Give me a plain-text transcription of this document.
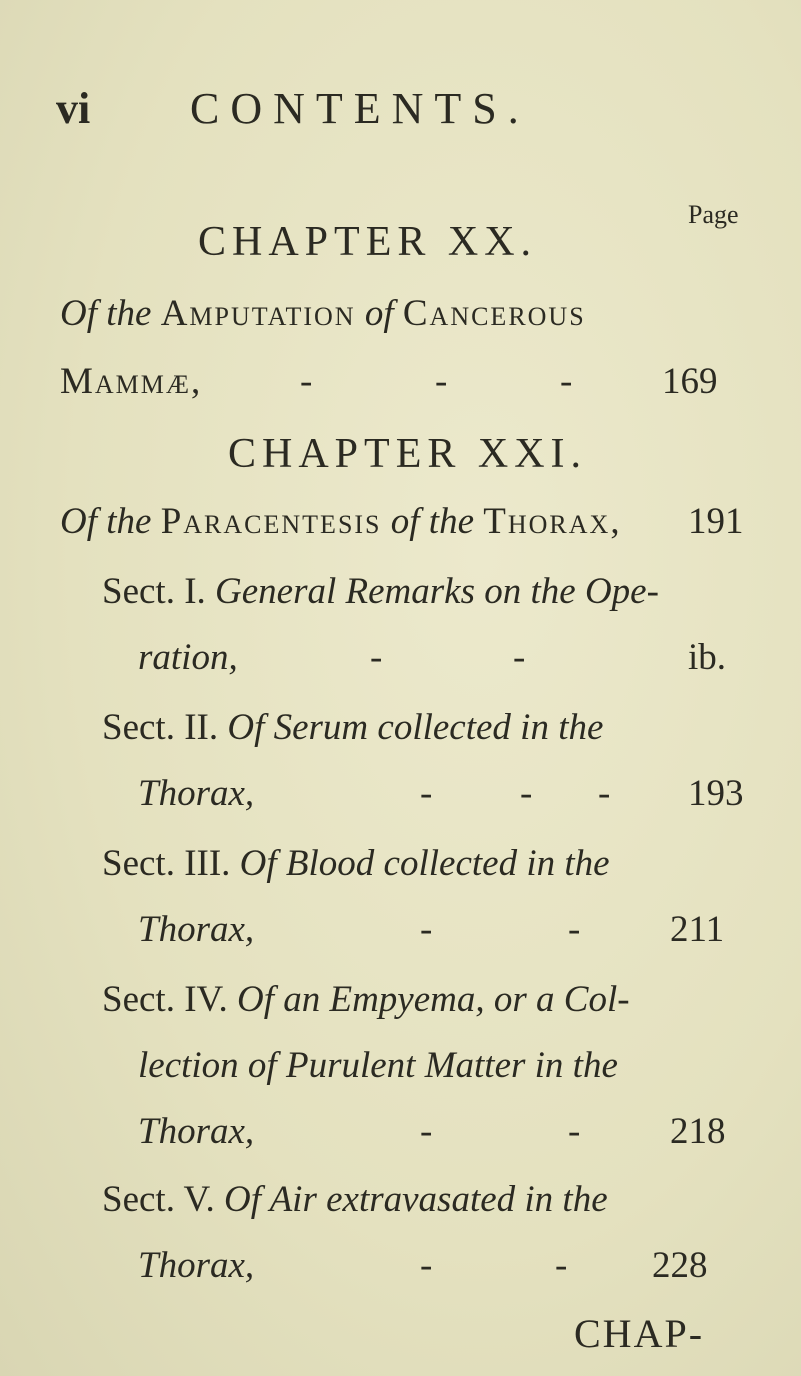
vi CONTENTS.
Page
CHAPTER XX.
Of the Amputation of Cancerous
Mammæ,	-	-	- 169
CHAPTER XXI.
Of the Paracentesis of the Thorax, 191
Sect. I. General Remarks on the Ope-
ration,	-	-	ib.
Sect. II. Of Serum collected in the
Thorax,	- - - 193
Sect. III. Of Blood collected in the
Thorax,	-	- 211
Sect. IV. Of an Empyema, or a Col-
lection of Purulent Matter in the
Thorax,	-	- 218
Sect. V. Of Air extravasated in the
Thorax,	-	- 228
CHAP-
